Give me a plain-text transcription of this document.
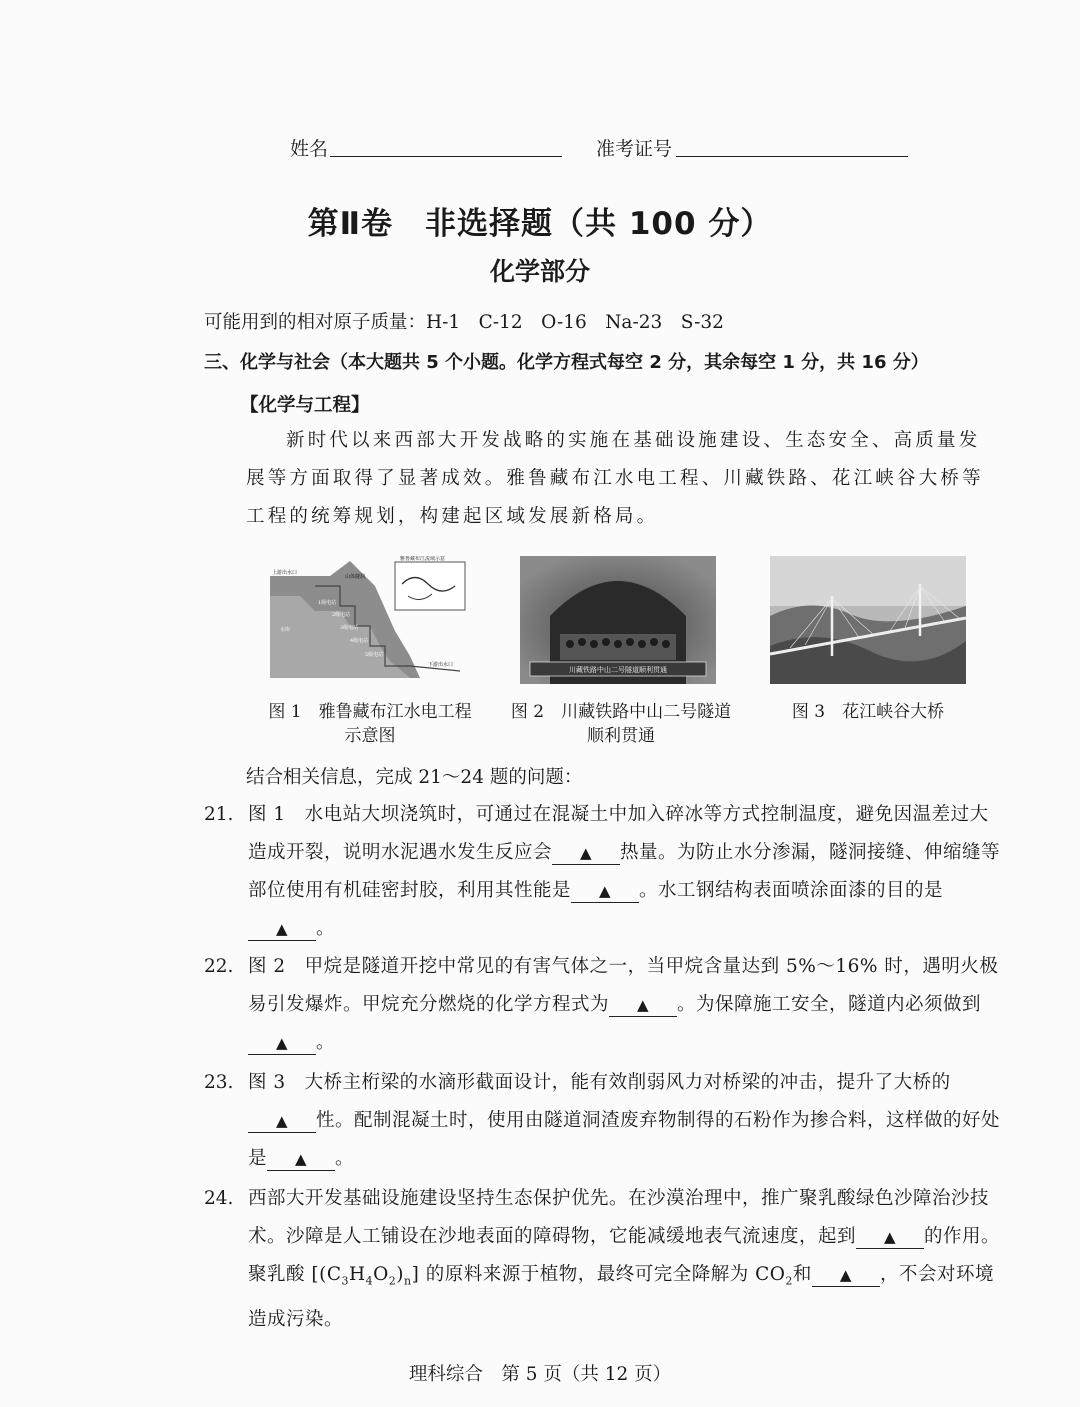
姓名	准考证号
第Ⅱ卷　非选择题（共 100 分）
化学部分
可能用到的相对原子质量：H-1　C-12　O-16　Na-23　S-32
三、化学与社会（本大题共 5 个小题。化学方程式每空 2 分，其余每空 1 分，共 16 分）
【化学与工程】
新时代以来西部大开发战略的实施在基础设施建设、生态安全、高质量发展等方面取得了显著成效。雅鲁藏布江水电工程、川藏铁路、花江峡谷大桥等工程的统筹规划，构建起区域发展新格局。
雅鲁藏布江流域示意
上游出水口
山体隧洞
1级电站
2级电站
3级电站
4级电站
5级电站
水库
下游出水口
川藏铁路中山二号隧道顺利贯通
图 1　雅鲁藏布江水电工程
示意图
图 2　川藏铁路中山二号隧道
顺利贯通
图 3　花江峡谷大桥
结合相关信息，完成 21～24 题的问题：
21. 图 1　水电站大坝浇筑时，可通过在混凝土中加入碎冰等方式控制温度，避免因温差过大造成开裂，说明水泥遇水发生反应会 ▲ 热量。为防止水分渗漏，隧洞接缝、伸缩缝等部位使用有机硅密封胶，利用其性能是 ▲ 。水工钢结构表面喷涂面漆的目的是▲ 。
22. 图 2　甲烷是隧道开挖中常见的有害气体之一，当甲烷含量达到 5%～16% 时，遇明火极易引发爆炸。甲烷充分燃烧的化学方程式为 ▲ 。为保障施工安全，隧道内必须做到▲ 。
23. 图 3　大桥主桁梁的水滴形截面设计，能有效削弱风力对桥梁的冲击，提升了大桥的▲ 性。配制混凝土时，使用由隧道洞渣废弃物制得的石粉作为掺合料，这样做的好处是 ▲ 。
24. 西部大开发基础设施建设坚持生态保护优先。在沙漠治理中，推广聚乳酸绿色沙障治沙技术。沙障是人工铺设在沙地表面的障碍物，它能减缓地表气流速度，起到 ▲ 的作用。聚乳酸 $[(C_3H_4O_2)_n]$ 的原料来源于植物，最终可完全降解为 $CO_2$和 ▲ ，不会对环境造成污染。
理科综合　第 5 页（共 12 页）
